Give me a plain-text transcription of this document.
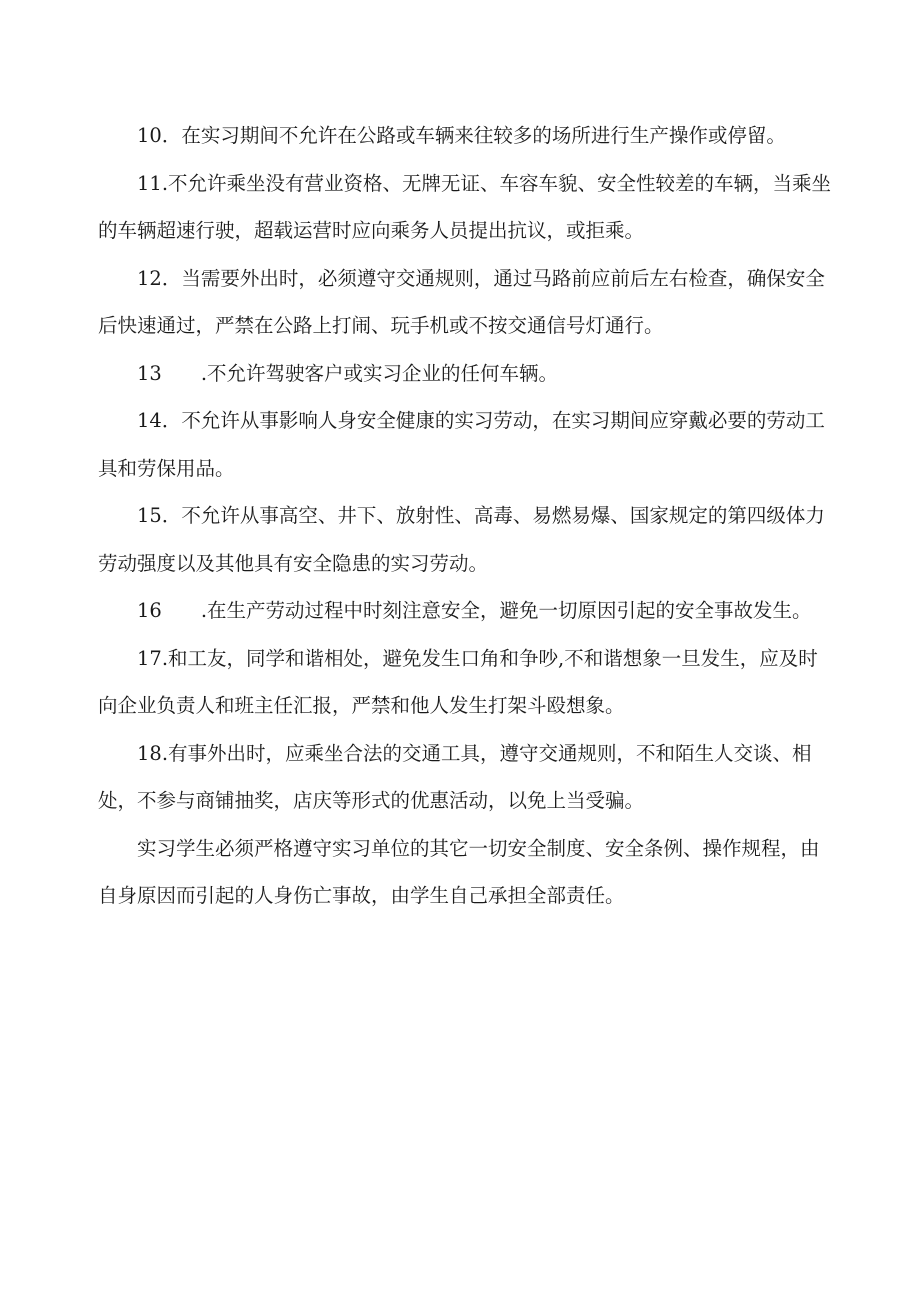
10．在实习期间不允许在公路或车辆来往较多的场所进行生产操作或停留。

11.不允许乘坐没有营业资格、无牌无证、车容车貌、安全性较差的车辆，当乘坐的车辆超速行驶，超载运营时应向乘务人员提出抗议，或拒乘。

12．当需要外出时，必须遵守交通规则，通过马路前应前后左右检查，确保安全后快速通过，严禁在公路上打闹、玩手机或不按交通信号灯通行。

13　　.不允许驾驶客户或实习企业的任何车辆。

14．不允许从事影响人身安全健康的实习劳动，在实习期间应穿戴必要的劳动工具和劳保用品。

15．不允许从事高空、井下、放射性、高毒、易燃易爆、国家规定的第四级体力劳动强度以及其他具有安全隐患的实习劳动。

16　　.在生产劳动过程中时刻注意安全，避免一切原因引起的安全事故发生。

17.和工友，同学和谐相处，避免发生口角和争吵,不和谐想象一旦发生，应及时向企业负责人和班主任汇报，严禁和他人发生打架斗殴想象。

18.有事外出时，应乘坐合法的交通工具，遵守交通规则，不和陌生人交谈、相处，不参与商铺抽奖，店庆等形式的优惠活动，以免上当受骗。

实习学生必须严格遵守实习单位的其它一切安全制度、安全条例、操作规程，由自身原因而引起的人身伤亡事故，由学生自己承担全部责任。
